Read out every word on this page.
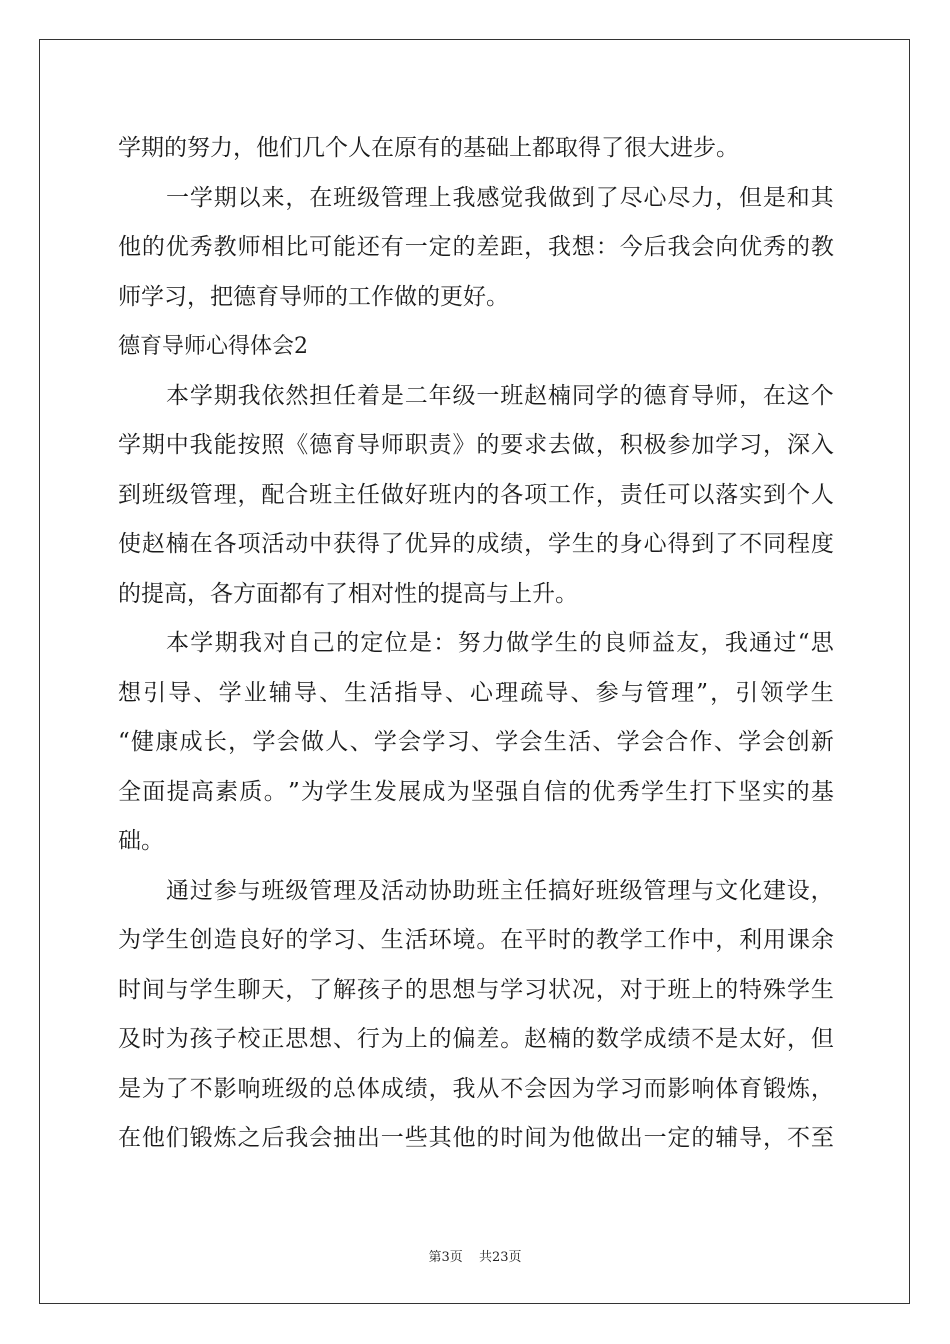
学期的努力，他们几个人在原有的基础上都取得了很大进步。
一 学 期 以 来 ， 在 班 级 管 理 上 我 感 觉 我 做 到 了 尽 心 尽 力 ， 但 是 和 其
他 的 优 秀 教 师 相 比 可 能 还 有 一 定 的 差 距 ， 我 想 ： 今 后 我 会 向 优 秀 的 教
师学习，把德育导师的工作做的更好。
德育导师心得体会2
本 学 期 我 依 然 担 任 着 是 二 年 级 一 班 赵 楠 同 学 的 德 育 导 师 ， 在 这 个
学 期 中 我 能 按 照 《 德 育 导 师 职 责 》 的 要 求 去 做 ， 积 极 参 加 学 习 ， 深 入
到 班 级 管 理 ， 配 合 班 主 任 做 好 班 内 的 各 项 工 作 ， 责 任 可 以 落 实 到 个 人
使 赵 楠 在 各 项 活 动 中 获 得 了 优 异 的 成 绩 ， 学 生 的 身 心 得 到 了 不 同 程 度
的提高，各方面都有了相对性的提高与上升。
本 学 期 我 对 自 己 的 定 位 是 ： 努 力 做 学 生 的 良 师 益 友 ， 我 通 过 “ 思
想 引 导 、 学 业 辅 导 、 生 活 指 导 、 心 理 疏 导 、 参 与 管 理 ” ， 引 领 学 生
“ 健 康 成 长 ， 学 会 做 人 、 学 会 学 习 、 学 会 生 活 、 学 会 合 作 、 学 会 创 新
全 面 提 高 素 质 。 ” 为 学 生 发 展 成 为 坚 强 自 信 的 优 秀 学 生 打 下 坚 实 的 基
础。
通 过 参 与 班 级 管 理 及 活 动 协 助 班 主 任 搞 好 班 级 管 理 与 文 化 建 设 ，
为 学 生 创 造 良 好 的 学 习 、 生 活 环 境 。 在 平 时 的 教 学 工 作 中 ， 利 用 课 余
时 间 与 学 生 聊 天 ， 了 解 孩 子 的 思 想 与 学 习 状 况 ， 对 于 班 上 的 特 殊 学 生
及 时 为 孩 子 校 正 思 想 、 行 为 上 的 偏 差 。 赵 楠 的 数 学 成 绩 不 是 太 好 ， 但
是 为 了 不 影 响 班 级 的 总 体 成 绩 ， 我 从 不 会 因 为 学 习 而 影 响 体 育 锻 炼 ，
在 他 们 锻 炼 之 后 我 会 抽 出 一 些 其 他 的 时 间 为 他 做 出 一 定 的 辅 导 ， 不 至
第3页 共23页
